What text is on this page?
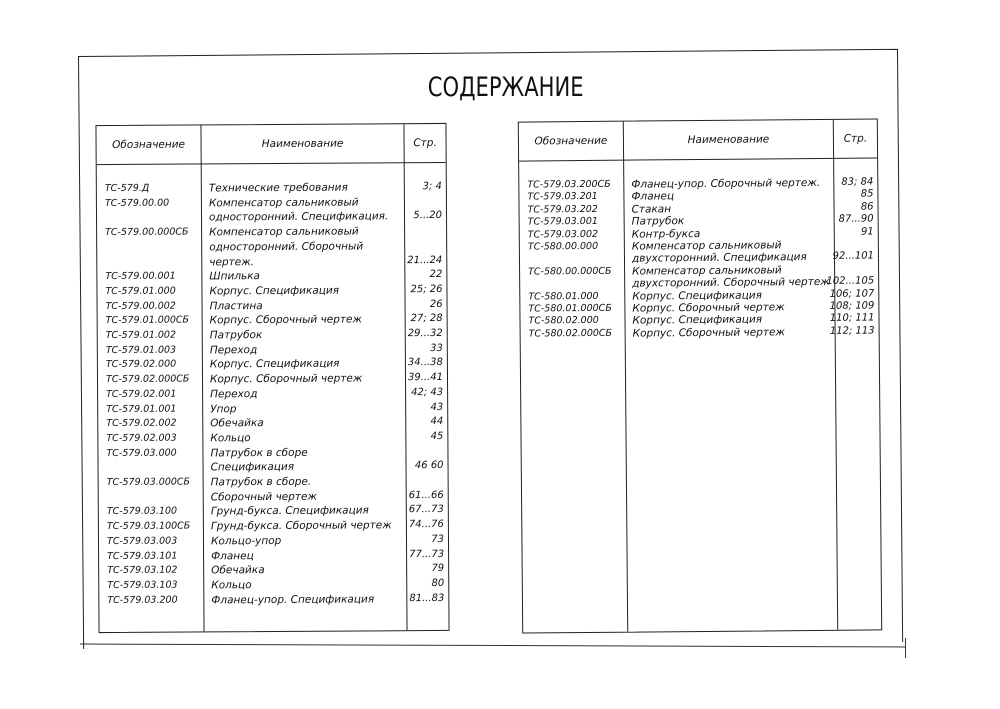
СОДЕРЖАНИЕ
Обозначение	Наименование	Стр.
ТС-579.Д	Технические требования	3; 4
ТС-579.00.00	Компенсатор сальниковый
односторонний. Спецификация.	5...20
ТС-579.00.000СБ Компенсатор сальниковый
односторонний. Сборочный
чертеж.	21...24
ТС-579.00.001	Шпилька	22
ТС-579.01.000	Корпус. Спецификация	25; 26
ТС-579.00.002	Пластина	26
ТС-579.01.000СБ Корпус. Сборочный чертеж	27; 28
ТС-579.01.002	Патрубок	29...32
ТС-579.01.003	Переход	33
ТС-579.02.000	Корпус. Спецификация	34...38
ТС-579.02.000СБ Корпус. Сборочный чертеж	39...41
ТС-579.02.001	Переход	42; 43
ТС-579.01.001	Упор	43
ТС-579.02.002	Обечайка	44
ТС-579.02.003	Кольцо	45
ТС-579.03.000	Патрубок в сборе
Спецификация	46 60
ТС-579.03.000СБ Патрубок в сборе.
Сборочный чертеж	61...66
ТС-579.03.100	Грунд-букса. Спецификация	67...73
ТС-579.03.100СБ Грунд-букса. Сборочный чертеж 74...76
ТС-579.03.003	Кольцо-упор	73
ТС-579.03.101	Фланец	77...73
ТС-579.03.102	Обечайка	79
ТС-579.03.103	Кольцо	80
ТС-579.03.200	Фланец-упор. Спецификация	81...83
Обозначение	Наименование	Стр.
ТС-579.03.200СБ Фланец-упор. Сборочный чертеж. 83; 84
ТС-579.03.201	Фланец	85
ТС-579.03.202	Стакан	86
ТС-579.03.001	Патрубок	87...90
ТС-579.03.002	Контр-букса	91
ТС-580.00.000	Компенсатор сальниковый
двухсторонний. Спецификация	92...101
ТС-580.00.000СБ Компенсатор сальниковый
двухсторонний. Сборочный чертеж
102...105
ТС-580.01.000	Корпус. Спецификация	106; 107
ТС-580.01.000СБ Корпус. Сборочный чертеж	108; 109
ТС-580.02.000	Корпус. Спецификация	110; 111
ТС-580.02.000СБ Корпус. Сборочный чертеж	112; 113
